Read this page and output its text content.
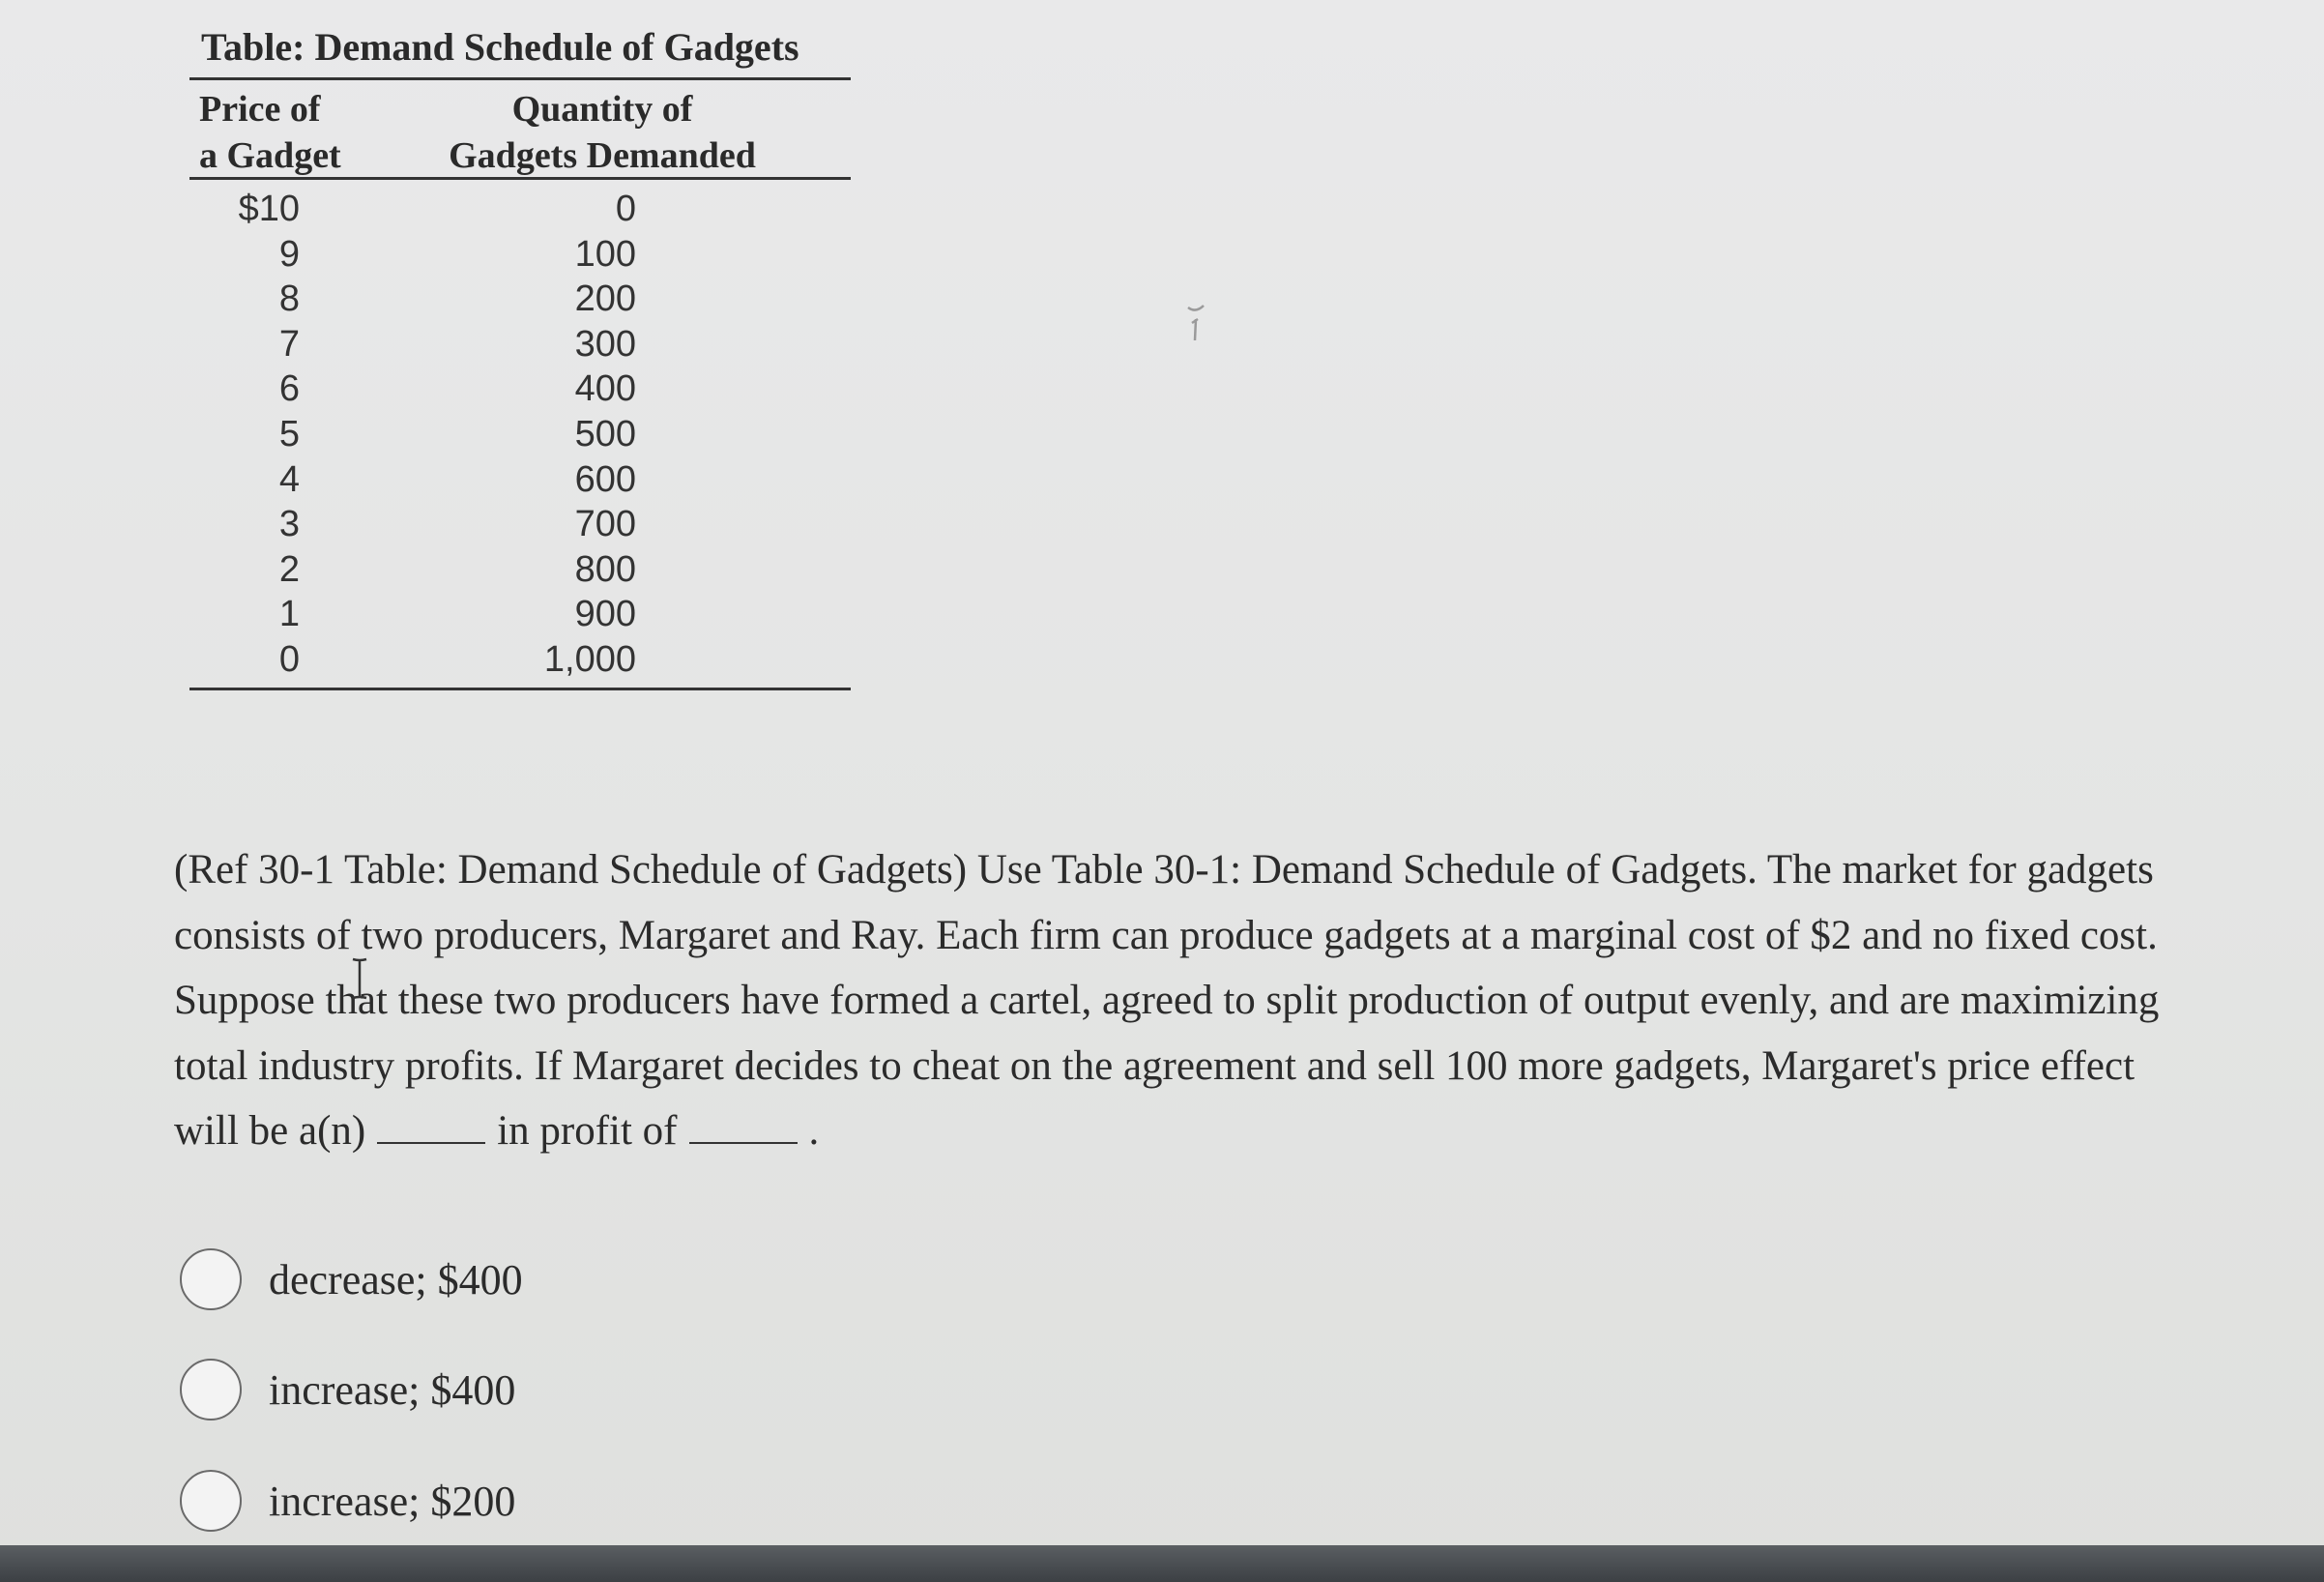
Table: Demand Schedule of Gadgets
Price of
a Gadget
Quantity of
Gadgets Demanded
$10	0
9	100
8	200
7	300
6	400
5	500
4	600
3	700
2	800
1	900
0	1,000
(Ref 30-1 Table: Demand Schedule of Gadgets) Use Table 30-1: Demand Schedule of Gadgets. The market for gadgets consists of two producers, Margaret and Ray. Each firm can produce gadgets at a marginal cost of $2 and no fixed cost. Suppose that these two producers have formed a cartel, agreed to split production of output evenly, and are maximizing total industry profits. If Margaret decides to cheat on the agreement and sell 100 more gadgets, Margaret's price effect will be a(n)	in profit of	.
decrease; $400
increase; $400
increase; $200
